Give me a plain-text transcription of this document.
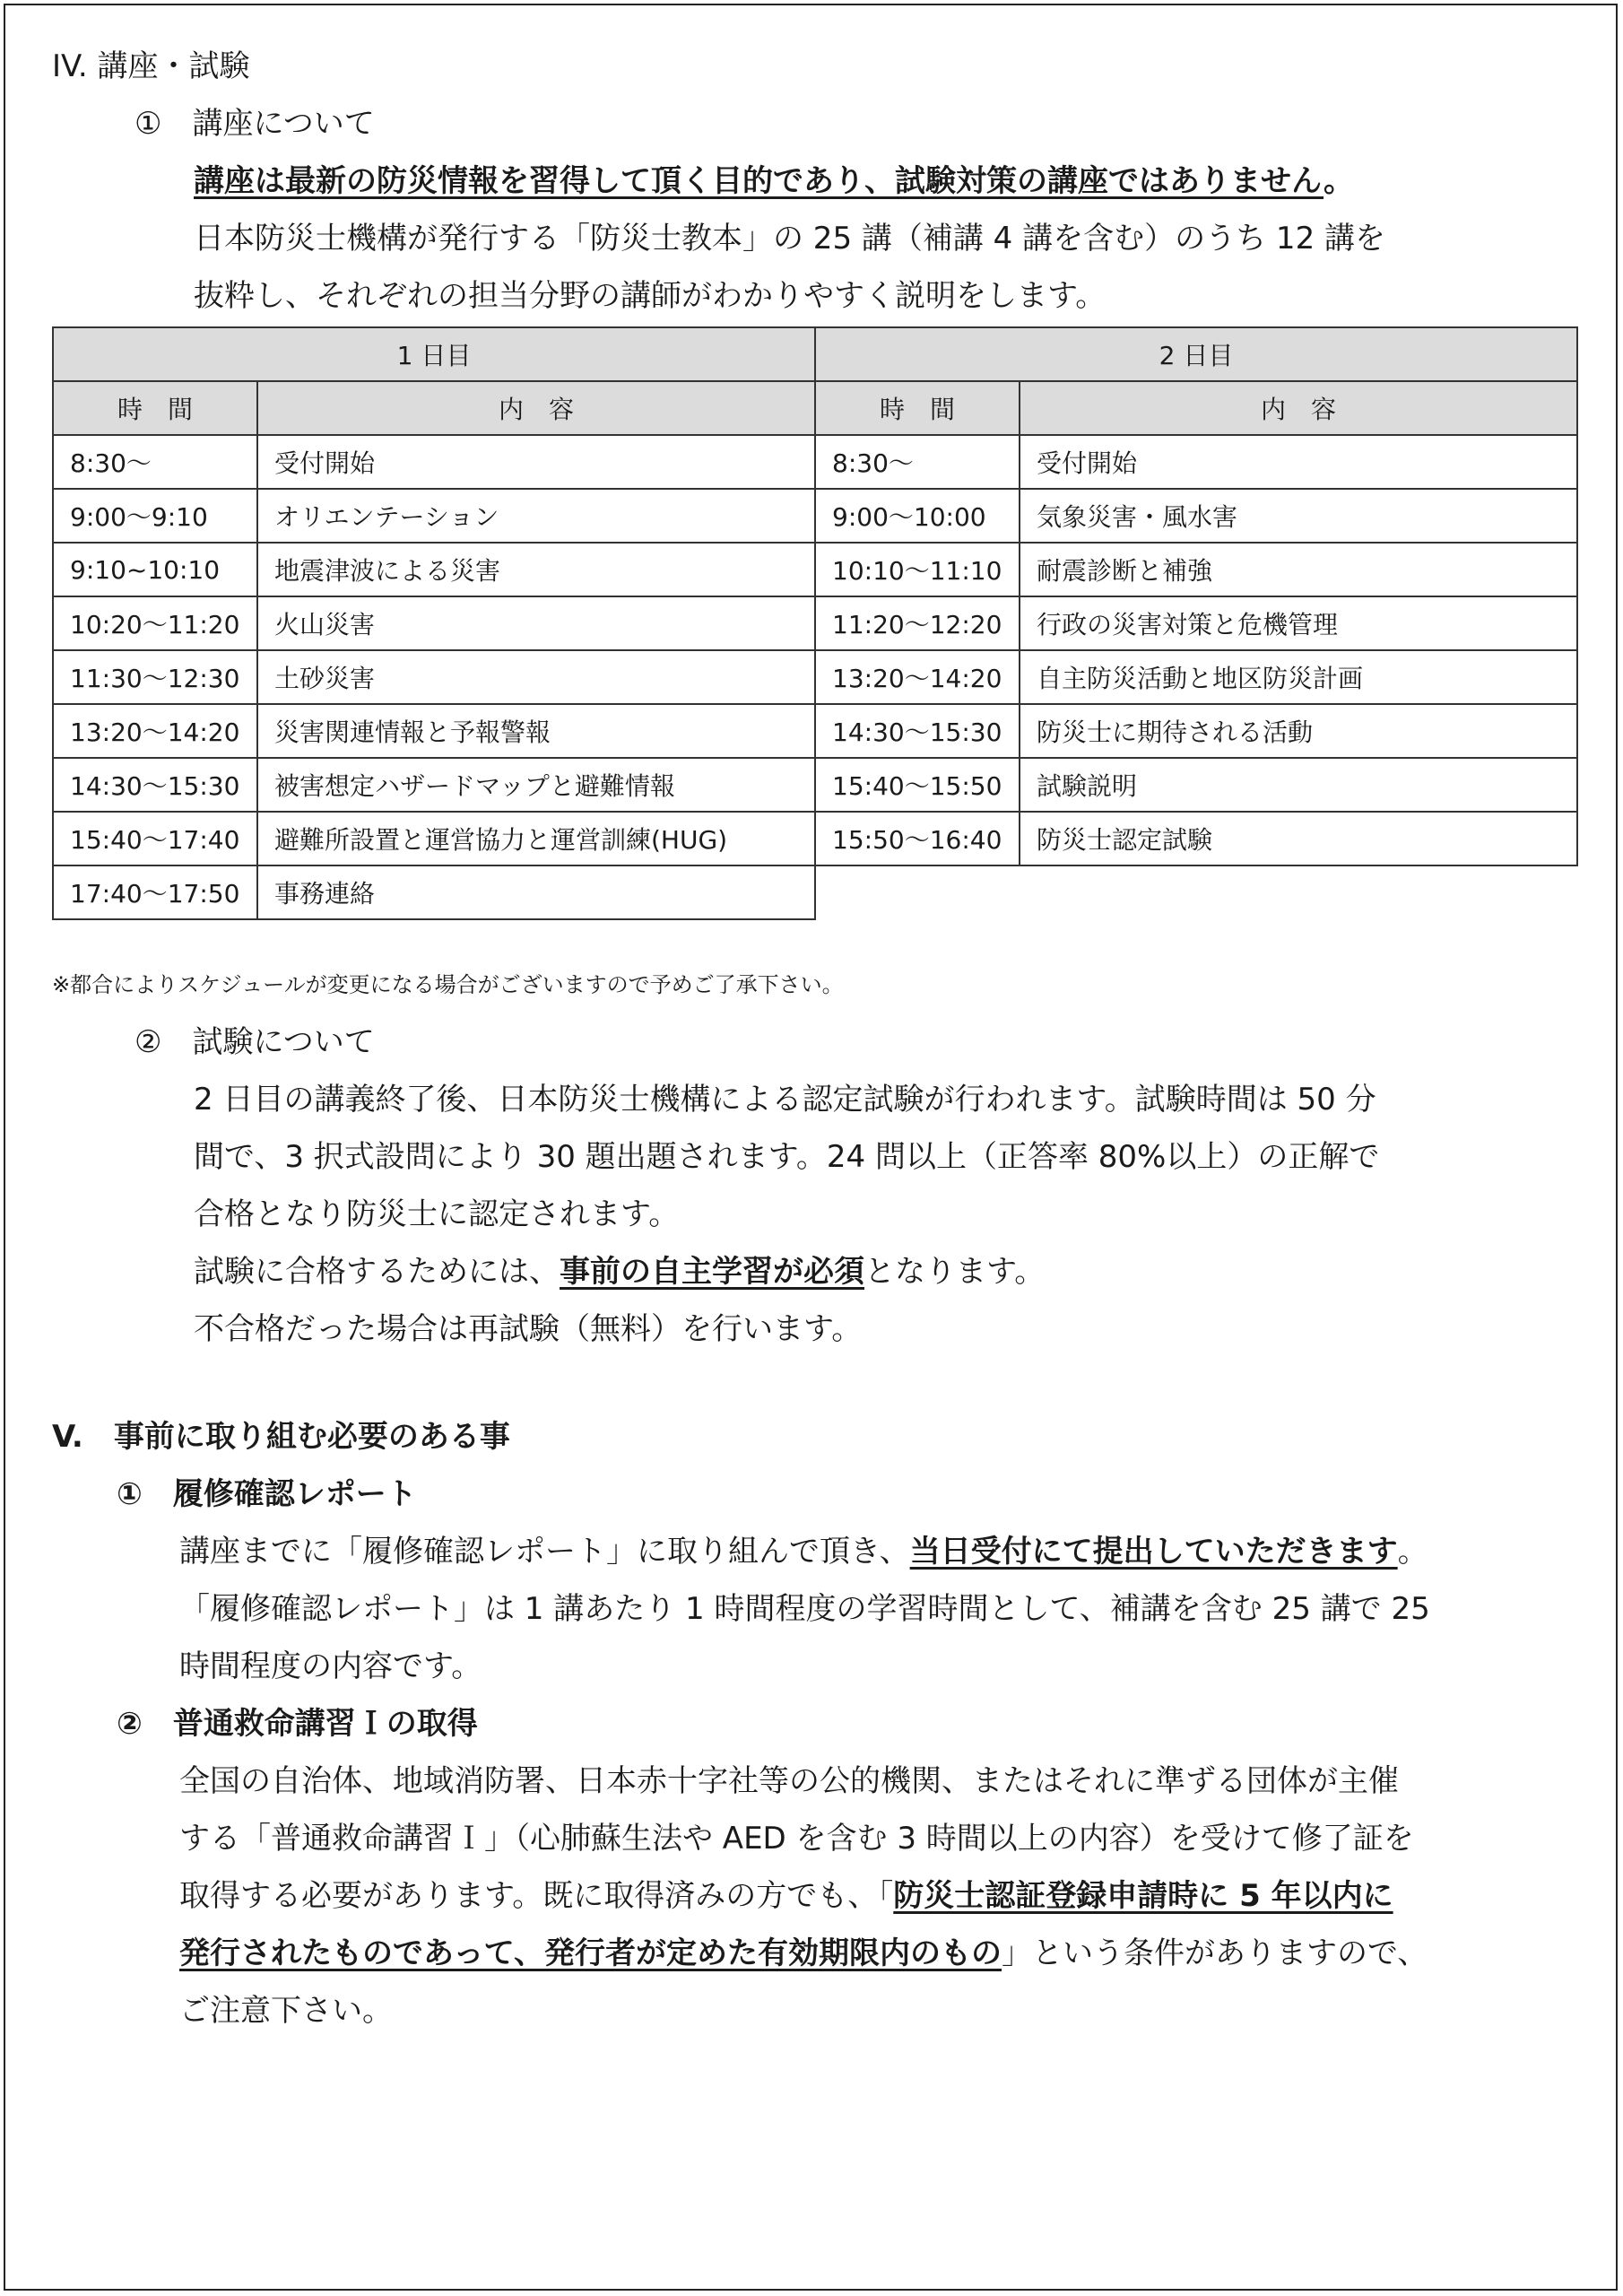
IV. 講座・試験
①　講座について
講座は最新の防災情報を習得して頂く目的であり、試験対策の講座ではありません。
日本防災士機構が発行する「防災士教本」の 25 講（補講 4 講を含む）のうち 12 講を
抜粋し、それぞれの担当分野の講師がわかりやすく説明をします。
1 日目		2 日目	
時　間	内　容	時　間	内　容
8:30～	受付開始	8:30～	受付開始
9:00～9:10	オリエンテーション	9:00～10:00	気象災害・風水害
9:10~10:10	地震津波による災害	10:10～11:10	耐震診断と補強
10:20～11:20	火山災害	11:20～12:20	行政の災害対策と危機管理
11:30～12:30	土砂災害	13:20～14:20	自主防災活動と地区防災計画
13:20～14:20	災害関連情報と予報警報	14:30～15:30	防災士に期待される活動
14:30～15:30	被害想定ハザードマップと避難情報	15:40～15:50	試験説明
15:40～17:40	避難所設置と運営協力と運営訓練(HUG)	15:50～16:40	防災士認定試験
17:40～17:50	事務連絡		
※都合によりスケジュールが変更になる場合がございますので予めご了承下さい。
②　試験について
2 日目の講義終了後、日本防災士機構による認定試験が行われます。試験時間は 50 分
間で、3 択式設問により 30 題出題されます。24 問以上（正答率 80%以上）の正解で
合格となり防災士に認定されます。
試験に合格するためには、事前の自主学習が必須となります。
不合格だった場合は再試験（無料）を行います。
V.　事前に取り組む必要のある事
①　履修確認レポート
講座までに「履修確認レポート」に取り組んで頂き、当日受付にて提出していただきます。
「履修確認レポート」は 1 講あたり 1 時間程度の学習時間として、補講を含む 25 講で 25
時間程度の内容です。
②　普通救命講習Ｉの取得
全国の自治体、地域消防署、日本赤十字社等の公的機関、またはそれに準ずる団体が主催
する「普通救命講習Ｉ」（心肺蘇生法や AED を含む 3 時間以上の内容）を受けて修了証を
取得する必要があります。既に取得済みの方でも、「防災士認証登録申請時に 5 年以内に
発行されたものであって、発行者が定めた有効期限内のもの」という条件がありますので、
ご注意下さい。
